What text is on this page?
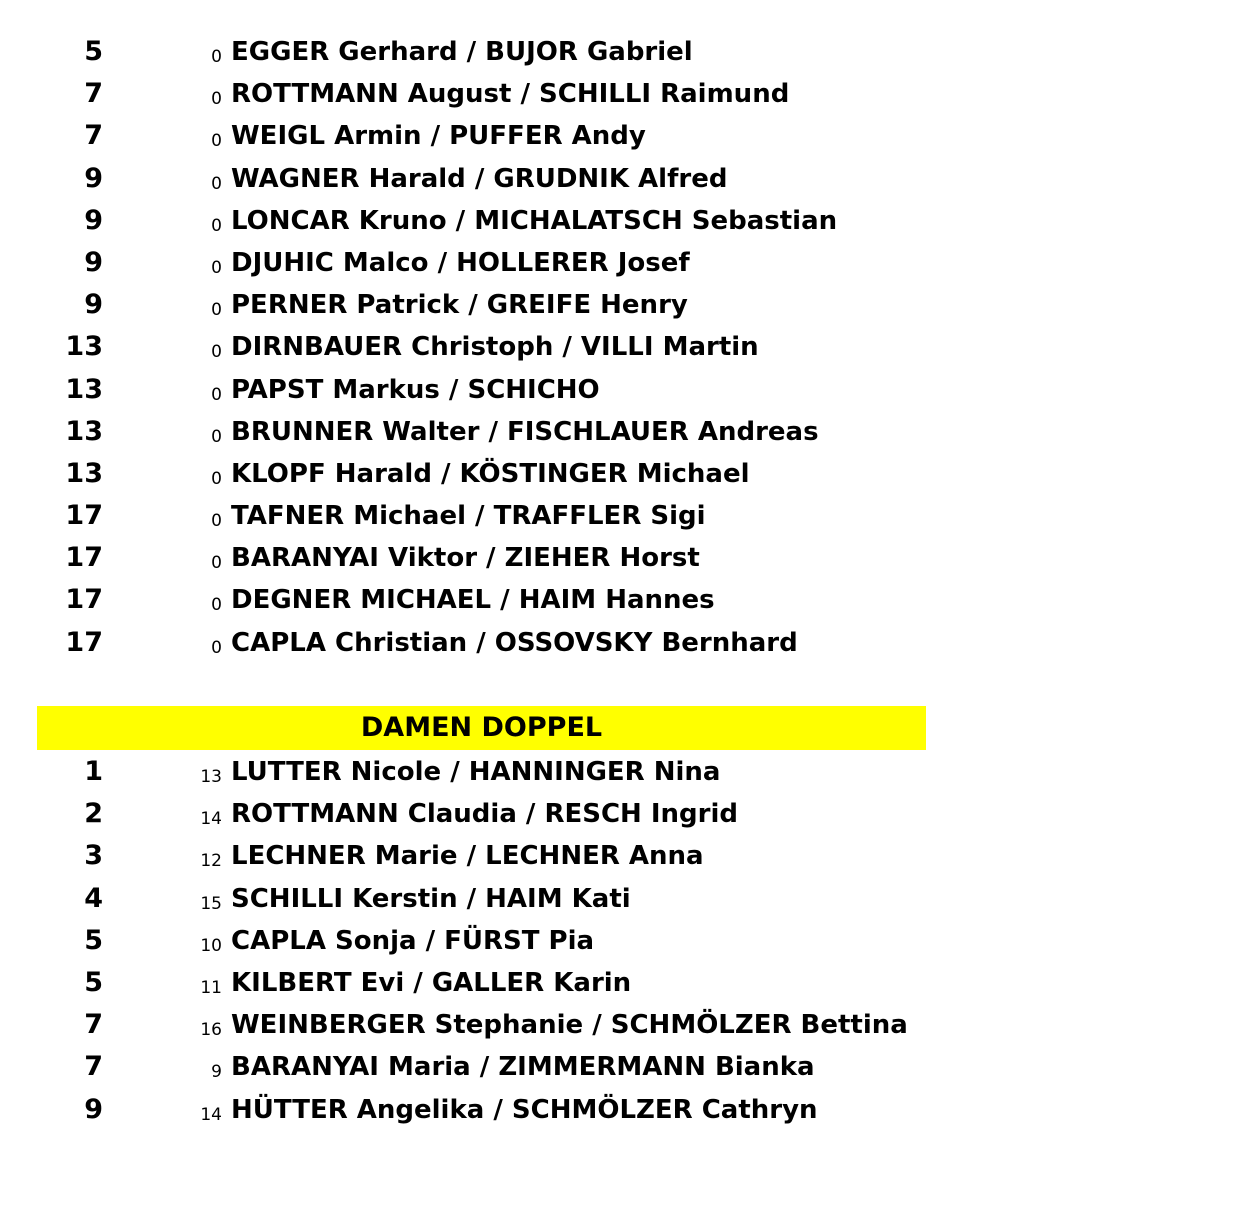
5	0 EGGER Gerhard / BUJOR Gabriel
7	0 ROTTMANN August / SCHILLI Raimund
7	0 WEIGL Armin / PUFFER Andy
9	0 WAGNER Harald / GRUDNIK Alfred
9	0 LONCAR Kruno / MICHALATSCH Sebastian
9	0 DJUHIC Malco / HOLLERER Josef
9	0 PERNER Patrick / GREIFE Henry
13	0 DIRNBAUER Christoph / VILLI Martin
13	0 PAPST Markus / SCHICHO
13	0 BRUNNER Walter / FISCHLAUER Andreas
13	0 KLOPF Harald / KÖSTINGER Michael
17	0 TAFNER Michael / TRAFFLER Sigi
17	0 BARANYAI Viktor / ZIEHER Horst
17	0 DEGNER MICHAEL / HAIM Hannes
17	0 CAPLA Christian / OSSOVSKY Bernhard
DAMEN DOPPEL
1	13 LUTTER Nicole / HANNINGER Nina
2	14 ROTTMANN Claudia / RESCH Ingrid
3	12 LECHNER Marie / LECHNER Anna
4	15 SCHILLI Kerstin / HAIM Kati
5	10 CAPLA Sonja / FÜRST Pia
5	11 KILBERT Evi / GALLER Karin
7	16 WEINBERGER Stephanie / SCHMÖLZER Bettina
7	9 BARANYAI Maria / ZIMMERMANN Bianka
9	14 HÜTTER Angelika / SCHMÖLZER Cathryn
